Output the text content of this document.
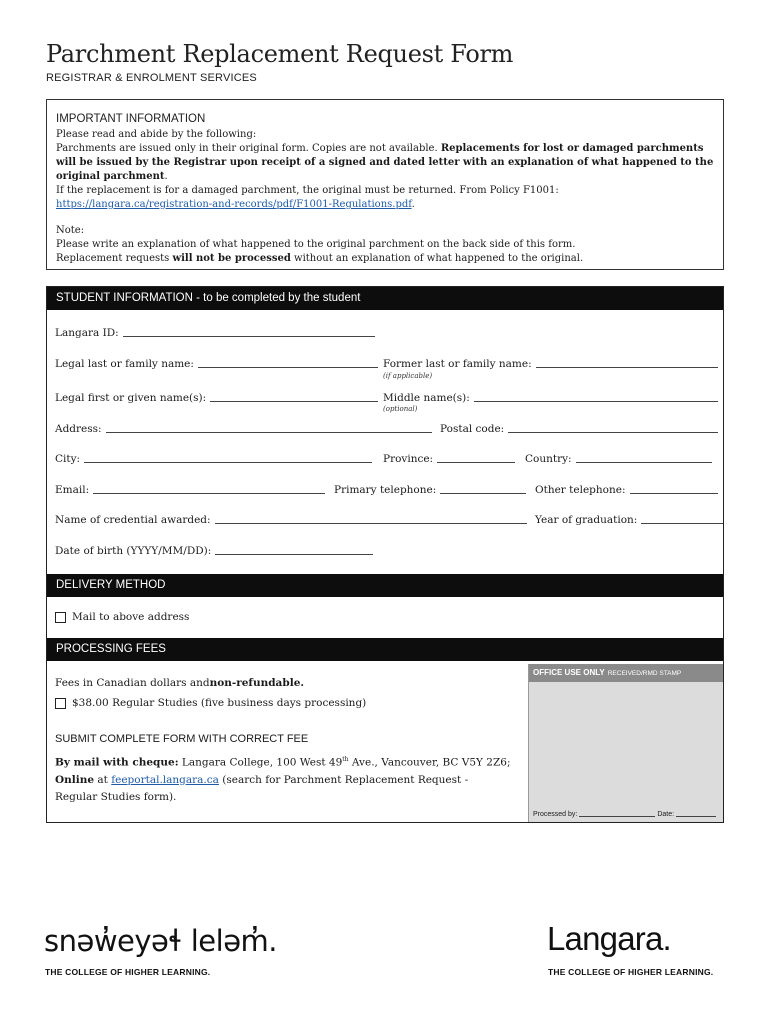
Parchment Replacement Request Form
REGISTRAR & ENROLMENT SERVICES
IMPORTANT INFORMATION
Please read and abide by the following:
Parchments are issued only in their original form. Copies are not available. Replacements for lost or damaged parchments will be issued by the Registrar upon receipt of a signed and dated letter with an explanation of what happened to the original parchment.
If the replacement is for a damaged parchment, the original must be returned. From Policy F1001: https://langara.ca/registration-and-records/pdf/F1001-Regulations.pdf.
Note:
Please write an explanation of what happened to the original parchment on the back side of this form.
Replacement requests will not be processed without an explanation of what happened to the original.
STUDENT INFORMATION - to be completed by the student
Langara ID:
Legal last or family name:	Former last or family name:
(if applicable)
Legal first or given name(s):	Middle name(s):
(optional)
Address:	Postal code:
City:	Province:	Country:
Email:	Primary telephone:	Other telephone:
Name of credential awarded:	Year of graduation:
Date of birth (YYYY/MM/DD):
DELIVERY METHOD
Mail to above address
PROCESSING FEES
Fees in Canadian dollars and non-refundable.
$38.00 Regular Studies (five business days processing)
SUBMIT COMPLETE FORM WITH CORRECT FEE
By mail with cheque: Langara College, 100 West 49th Ave., Vancouver, BC V5Y 2Z6;
Online at feeportal.langara.ca (search for Parchment Replacement Request -
Regular Studies form).
OFFICE USE ONLY RECEIVED/RMD STAMP
Processed by:	Date:
snəw̓eyəɬ leləm̓.
THE COLLEGE OF HIGHER LEARNING.
Langara.
THE COLLEGE OF HIGHER LEARNING.
